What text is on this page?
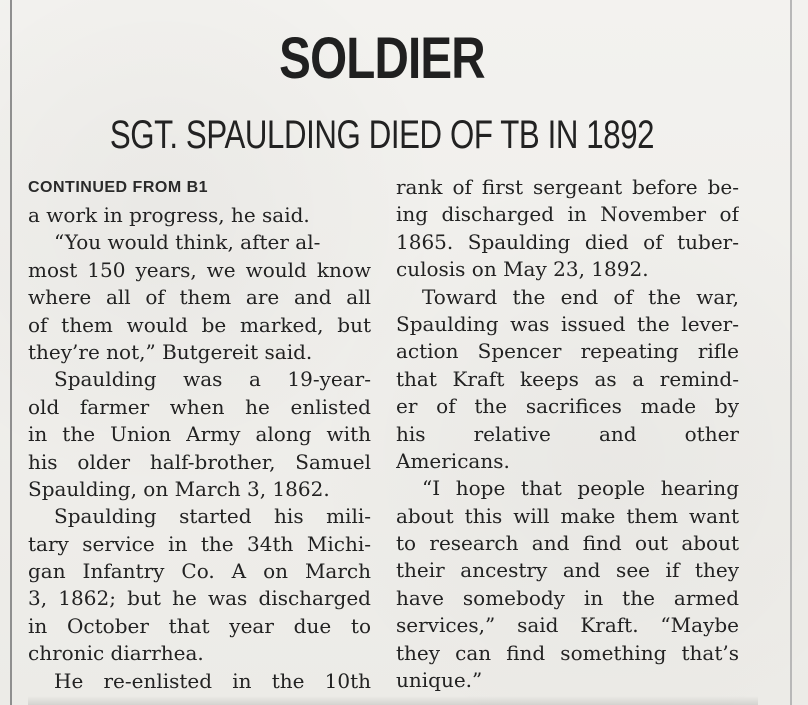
SOLDIER
SGT. SPAULDING DIED OF TB IN 1892
CONTINUED FROM B1
a work in progress, he said.
“You would think, after al-
most 150 years, we would know
where all of them are and all
of them would be marked, but
they’re not,” Butgereit said.
Spaulding was a 19-year-
old farmer when he enlisted
in the Union Army along with
his older half-brother, Samuel
Spaulding, on March 3, 1862.
Spaulding started his mili-
tary service in the 34th Michi-
gan Infantry Co. A on March
3, 1862; but he was discharged
in October that year due to
chronic diarrhea.
He re-enlisted in the 10th
rank of first sergeant before be-
ing discharged in November of
1865. Spaulding died of tuber-
culosis on May 23, 1892.
Toward the end of the war,
Spaulding was issued the lever-
action Spencer repeating rifle
that Kraft keeps as a remind-
er of the sacrifices made by
his relative and other
Americans.
“I hope that people hearing
about this will make them want
to research and find out about
their ancestry and see if they
have somebody in the armed
services,” said Kraft. “Maybe
they can find something that’s
unique.”
